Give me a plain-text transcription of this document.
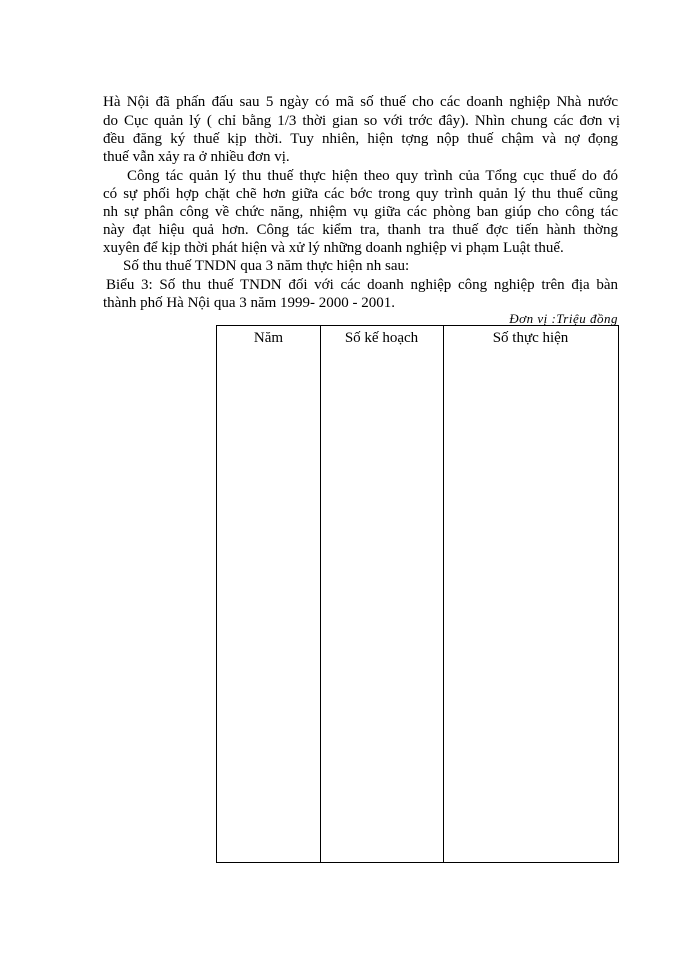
Hà Nội đã phấn đấu sau 5 ngày có mã số thuế cho các doanh nghiệp Nhà nước
do Cục quản lý ( chỉ bằng 1/3 thời gian so với trớc đây). Nhìn chung các đơn vị
đều đăng ký thuế kịp thời. Tuy nhiên, hiện tợng nộp thuế chậm và nợ đọng
thuế vẫn xảy ra ở nhiều đơn vị.
Công tác quản lý thu thuế thực hiện theo quy trình của Tổng cục thuế do đó
có sự phối hợp chặt chẽ hơn giữa các bớc trong quy trình quản lý thu thuế cũng
nh sự phân công về chức năng, nhiệm vụ giữa các phòng ban giúp cho công tác
này đạt hiệu quả hơn. Công tác kiểm tra, thanh tra thuế đợc tiến hành thờng
xuyên để kịp thời phát hiện và xử lý những doanh nghiệp vi phạm Luật thuế.
Số thu thuế TNDN qua 3 năm thực hiện nh sau:
Biểu 3: Số thu thuế TNDN đối với các doanh nghiệp công nghiệp trên địa bàn
thành phố Hà Nội qua 3 năm 1999- 2000 - 2001.
Đơn vị :Triệu đồng
Năm	Số kế hoạch	Số thực hiện
